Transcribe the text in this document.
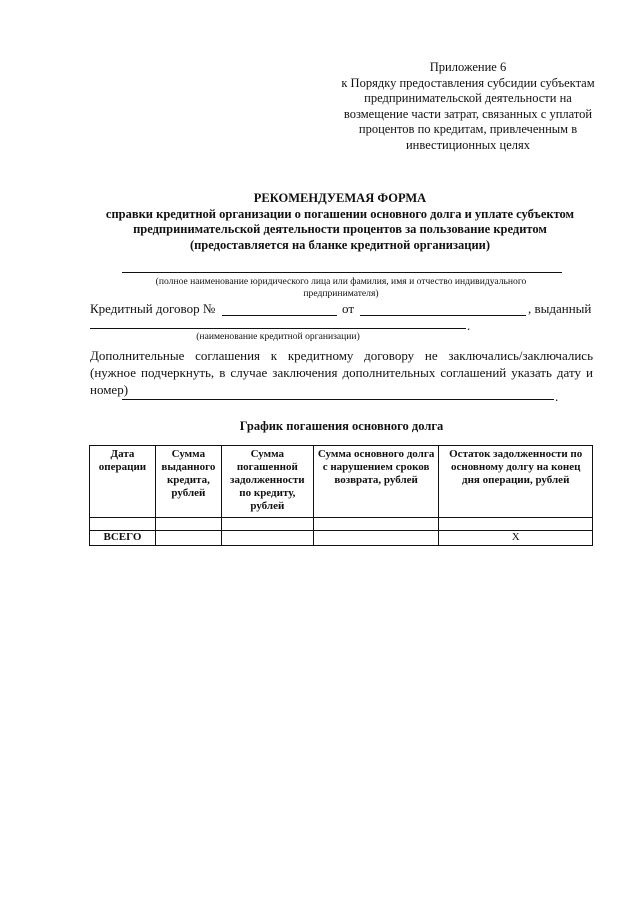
Приложение 6
к Порядку предоставления субсидии субъектам
предпринимательской деятельности на
возмещение части затрат, связанных с уплатой
процентов по кредитам, привлеченным в
инвестиционных целях
РЕКОМЕНДУЕМАЯ ФОРМА
справки кредитной организации о погашении основного долга и уплате субъектом
предпринимательской деятельности процентов за пользование кредитом
(предоставляется на бланке кредитной организации)
(полное наименование юридического лица или фамилия, имя и отчество индивидуального
предпринимателя)
Кредитный договор №	от	, выданный
.
(наименование кредитной организации)
Дополнительные соглашения к кредитному договору не заключались/заключались
(нужное подчеркнуть, в случае заключения дополнительных соглашений указать дату и
номер)	.
График погашения основного долга
Дата операции	Сумма выданного кредита, рублей	Сумма погашенной задолженности по кредиту, рублей	Сумма основного долга с нарушением сроков возврата, рублей	Остаток задолженности по основному долгу на конец дня операции, рублей

ВСЕГО				Х
